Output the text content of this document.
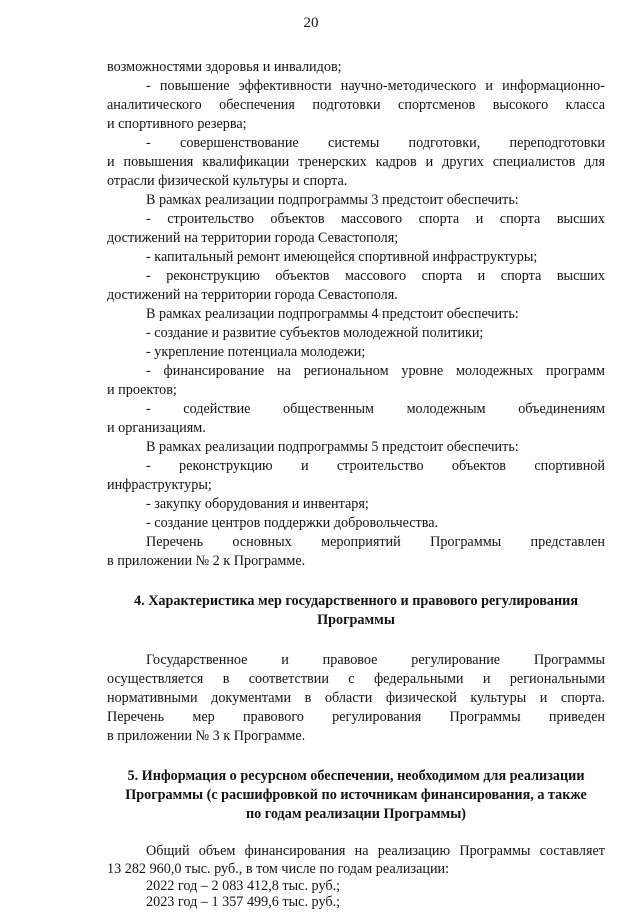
20
возможностями здоровья и инвалидов;
- повышение эффективности научно-методического и информационно-
аналитического обеспечения подготовки спортсменов высокого класса
и спортивного резерва;
- совершенствование системы подготовки, переподготовки
и повышения квалификации тренерских кадров и других специалистов для
отрасли физической культуры и спорта.
В рамках реализации подпрограммы 3 предстоит обеспечить:
- строительство объектов массового спорта и спорта высших
достижений на территории города Севастополя;
- капитальный ремонт имеющейся спортивной инфраструктуры;
- реконструкцию объектов массового спорта и спорта высших
достижений на территории города Севастополя.
В рамках реализации подпрограммы 4 предстоит обеспечить:
- создание и развитие субъектов молодежной политики;
- укрепление потенциала молодежи;
- финансирование на региональном уровне молодежных программ
и проектов;
- содействие общественным молодежным объединениям
и организациям.
В рамках реализации подпрограммы 5 предстоит обеспечить:
- реконструкцию и строительство объектов спортивной
инфраструктуры;
- закупку оборудования и инвентаря;
- создание центров поддержки добровольчества.
Перечень основных мероприятий Программы представлен
в приложении № 2 к Программе.
4. Характеристика мер государственного и правового регулирования
Программы
Государственное и правовое регулирование Программы
осуществляется в соответствии с федеральными и региональными
нормативными документами в области физической культуры и спорта.
Перечень мер правового регулирования Программы приведен
в приложении № 3 к Программе.
5. Информация о ресурсном обеспечении, необходимом для реализации
Программы (с расшифровкой по источникам финансирования, а также
по годам реализации Программы)
Общий объем финансирования на реализацию Программы составляет
13 282 960,0 тыс. руб., в том числе по годам реализации:
2022 год – 2 083 412,8 тыс. руб.;
2023 год – 1 357 499,6 тыс. руб.;
